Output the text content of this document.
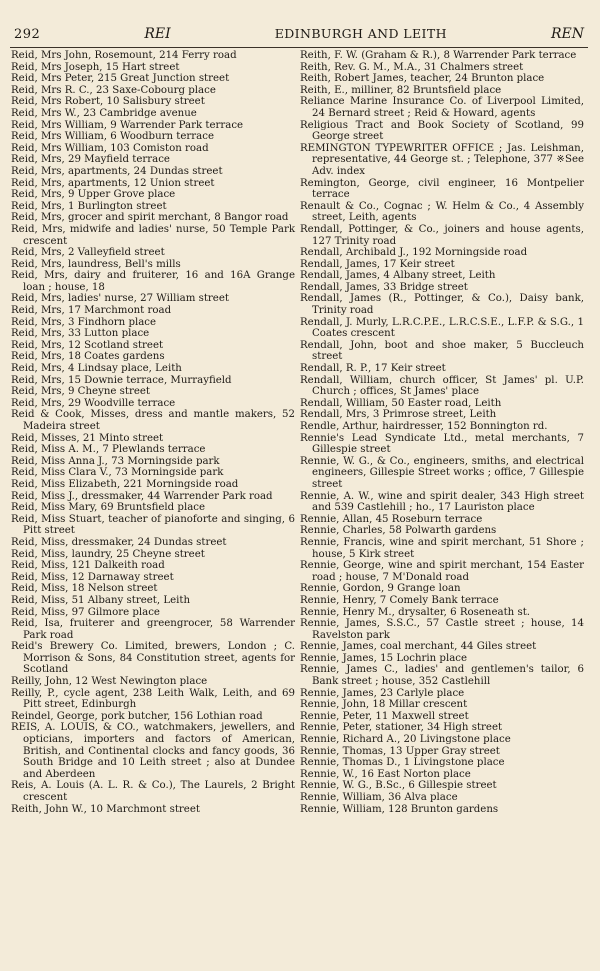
292	REI	EDINBURGH AND LEITH	REN
Reid, Mrs John, Rosemount, 214 Ferry road
Reid, Mrs Joseph, 15 Hart street
Reid, Mrs Peter, 215 Great Junction street
Reid, Mrs R. C., 23 Saxe-Cobourg place
Reid, Mrs Robert, 10 Salisbury street
Reid, Mrs W., 23 Cambridge avenue
Reid, Mrs William, 9 Warrender Park terrace
Reid, Mrs William, 6 Woodburn terrace
Reid, Mrs William, 103 Comiston road
Reid, Mrs, 29 Mayfield terrace
Reid, Mrs, apartments, 24 Dundas street
Reid, Mrs, apartments, 12 Union street
Reid, Mrs, 9 Upper Grove place
Reid, Mrs, 1 Burlington street
Reid, Mrs, grocer and spirit merchant, 8 Bangor road
Reid, Mrs, midwife and ladies' nurse, 50 Temple Park crescent
Reid, Mrs, 2 Valleyfield street
Reid, Mrs, laundress, Bell's mills
Reid, Mrs, dairy and fruiterer, 16 and 16A Grange loan ; house, 18
Reid, Mrs, ladies' nurse, 27 William street
Reid, Mrs, 17 Marchmont road
Reid, Mrs, 3 Findhorn place
Reid, Mrs, 33 Lutton place
Reid, Mrs, 12 Scotland street
Reid, Mrs, 18 Coates gardens
Reid, Mrs, 4 Lindsay place, Leith
Reid, Mrs, 15 Downie terrace, Murrayfield
Reid, Mrs, 9 Cheyne street
Reid, Mrs, 29 Woodville terrace
Reid & Cook, Misses, dress and mantle makers, 52 Madeira street
Reid, Misses, 21 Minto street
Reid, Miss A. M., 7 Plewlands terrace
Reid, Miss Anna J., 73 Morningside park
Reid, Miss Clara V., 73 Morningside park
Reid, Miss Elizabeth, 221 Morningside road
Reid, Miss J., dressmaker, 44 Warrender Park road
Reid, Miss Mary, 69 Bruntsfield place
Reid, Miss Stuart, teacher of pianoforte and singing, 6 Pitt street
Reid, Miss, dressmaker, 24 Dundas street
Reid, Miss, laundry, 25 Cheyne street
Reid, Miss, 121 Dalkeith road
Reid, Miss, 12 Darnaway street
Reid, Miss, 18 Nelson street
Reid, Miss, 51 Albany street, Leith
Reid, Miss, 97 Gilmore place
Reid, Isa, fruiterer and greengrocer, 58 Warrender Park road
Reid's Brewery Co. Limited, brewers, London ; C. Morrison & Sons, 84 Constitution street, agents for Scotland
Reilly, John, 12 West Newington place
Reilly, P., cycle agent, 238 Leith Walk, Leith, and 69 Pitt street, Edinburgh
Reindel, George, pork butcher, 156 Lothian road
REIS, A. LOUIS, & CO., watchmakers, jewellers, and opticians, importers and factors of American, British, and Continental clocks and fancy goods, 36 South Bridge and 10 Leith street ; also at Dundee and Aberdeen
Reis, A. Louis (A. L. R. & Co.), The Laurels, 2 Bright crescent
Reith, John W., 10 Marchmont street
Reith, F. W. (Graham & R.), 8 Warrender Park terrace
Reith, Rev. G. M., M.A., 31 Chalmers street
Reith, Robert James, teacher, 24 Brunton place
Reith, E., milliner, 82 Bruntsfield place
Reliance Marine Insurance Co. of Liverpool Limited, 24 Bernard street ; Reid & Howard, agents
Religious Tract and Book Society of Scotland, 99 George street
REMINGTON TYPEWRITER OFFICE ; Jas. Leishman, representative, 44 George st. ; Telephone, 377 ※See Adv. index
Remington, George, civil engineer, 16 Montpelier terrace
Renault & Co., Cognac ; W. Helm & Co., 4 Assembly street, Leith, agents
Rendall, Pottinger, & Co., joiners and house agents, 127 Trinity road
Rendall, Archibald J., 192 Morningside road
Rendall, James, 17 Keir street
Rendall, James, 4 Albany street, Leith
Rendall, James, 33 Bridge street
Rendall, James (R., Pottinger, & Co.), Daisy bank, Trinity road
Rendall, J. Murly, L.R.C.P.E., L.R.C.S.E., L.F.P. & S.G., 1 Coates crescent
Rendall, John, boot and shoe maker, 5 Buccleuch street
Rendall, R. P., 17 Keir street
Rendall, William, church officer, St James' pl. U.P. Church ; offices, St James' place
Rendall, William, 50 Easter road, Leith
Rendall, Mrs, 3 Primrose street, Leith
Rendle, Arthur, hairdresser, 152 Bonnington rd.
Rennie's Lead Syndicate Ltd., metal merchants, 7 Gillespie street
Rennie, W. G., & Co., engineers, smiths, and electrical engineers, Gillespie Street works ; office, 7 Gillespie street
Rennie, A. W., wine and spirit dealer, 343 High street and 539 Castlehill ; ho., 17 Lauriston place
Rennie, Allan, 45 Roseburn terrace
Rennie, Charles, 58 Polwarth gardens
Rennie, Francis, wine and spirit merchant, 51 Shore ; house, 5 Kirk street
Rennie, George, wine and spirit merchant, 154 Easter road ; house, 7 M'Donald road
Rennie, Gordon, 9 Grange loan
Rennie, Henry, 7 Comely Bank terrace
Rennie, Henry M., drysalter, 6 Roseneath st.
Rennie, James, S.S.C., 57 Castle street ; house, 14 Ravelston park
Rennie, James, coal merchant, 44 Giles street
Rennie, James, 15 Lochrin place
Rennie, James C., ladies' and gentlemen's tailor, 6 Bank street ; house, 352 Castlehill
Rennie, James, 23 Carlyle place
Rennie, John, 18 Millar crescent
Rennie, Peter, 11 Maxwell street
Rennie, Peter, stationer, 34 High street
Rennie, Richard A., 20 Livingstone place
Rennie, Thomas, 13 Upper Gray street
Rennie, Thomas D., 1 Livingstone place
Rennie, W., 16 East Norton place
Rennie, W. G., B.Sc., 6 Gillespie street
Rennie, William, 36 Alva place
Rennie, William, 128 Brunton gardens
